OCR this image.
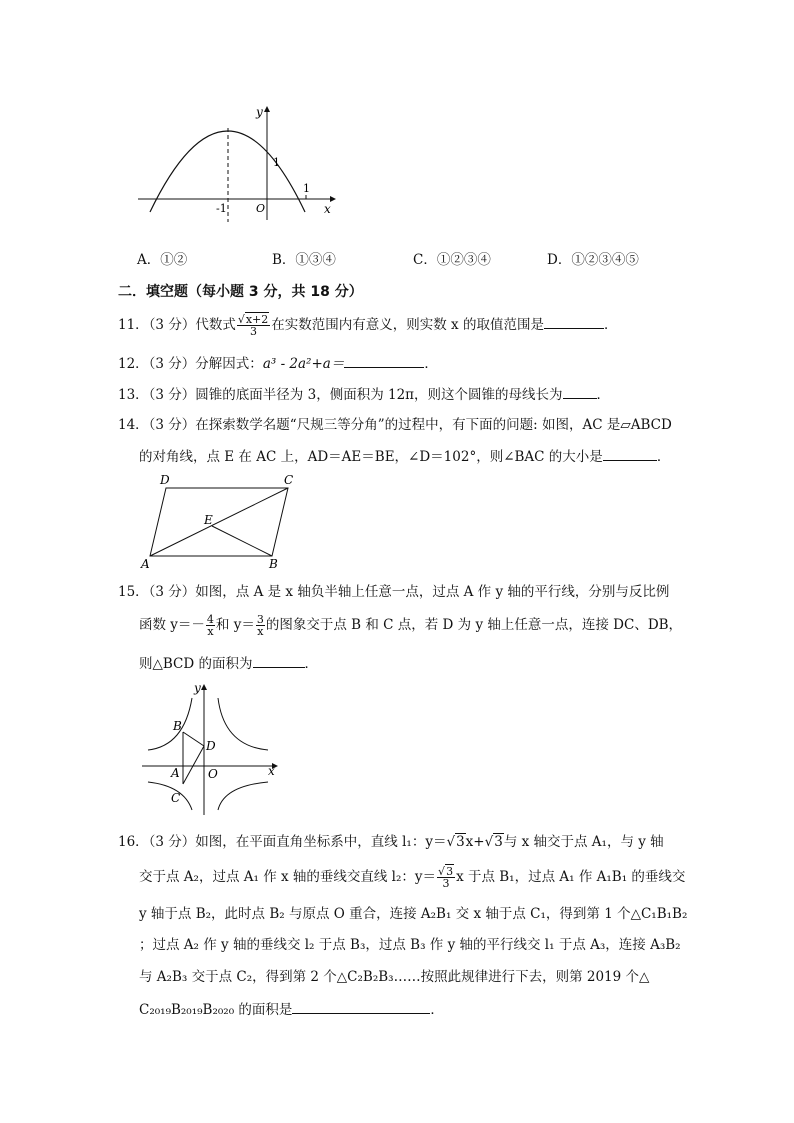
y
x
1
1
-1	O
A．①②	B．①③④	C．①②③④	D．①②③④⑤
二．填空题（每小题 3 分，共 18 分）
11．（3 分）代数式 $\frac{√x+2}{3}$ 在实数范围内有意义，则实数 x 的取值范围是	．
12．（3 分）分解因式：a³ - 2a²+a＝	．
13．（3 分）圆锥的底面半径为 3，侧面积为 12π，则这个圆锥的母线长为	．
14．（3 分）在探索数学名题“尺规三等分角”的过程中，有下面的问题: 如图，AC 是▱ABCD
的对角线，点 E 在 AC 上，AD＝AE＝BE，∠D＝102°，则∠BAC 的大小是	．
D	C
E
A	B
15．（3 分）如图，点 A 是 x 轴负半轴上任意一点，过点 A 作 y 轴的平行线，分别与反比例
函数 $y=- \frac{4}{x}$ 和 $y= \frac{3}{x}$ 的图象交于点 B 和 C 点，若 D 为 y 轴上任意一点，连接 DC、DB，
则△BCD 的面积为	．
y
x
B
D
A O
C
16．（3 分）如图，在平面直角坐标系中，直线 l₁：y＝√3x+√3与 x 轴交于点 A₁，与 y 轴
交于点 A₂，过点 A₁ 作 x 轴的垂线交直线 l₂：$y= \frac{√3}{3}$ x 于点 B₁，过点 A₁ 作 A₁B₁ 的垂线交
y 轴于点 B₂，此时点 B₂ 与原点 O 重合，连接 A₂B₁ 交 x 轴于点 C₁，得到第 1 个△C₁B₁B₂
；过点 A₂ 作 y 轴的垂线交 l₂ 于点 B₃，过点 B₃ 作 y 轴的平行线交 l₁ 于点 A₃，连接 A₃B₂
与 A₂B₃ 交于点 C₂，得到第 2 个△C₂B₂B₃……按照此规律进行下去，则第 2019 个△
C₂₀₁₉B₂₀₁₉B₂₀₂₀ 的面积是	．
